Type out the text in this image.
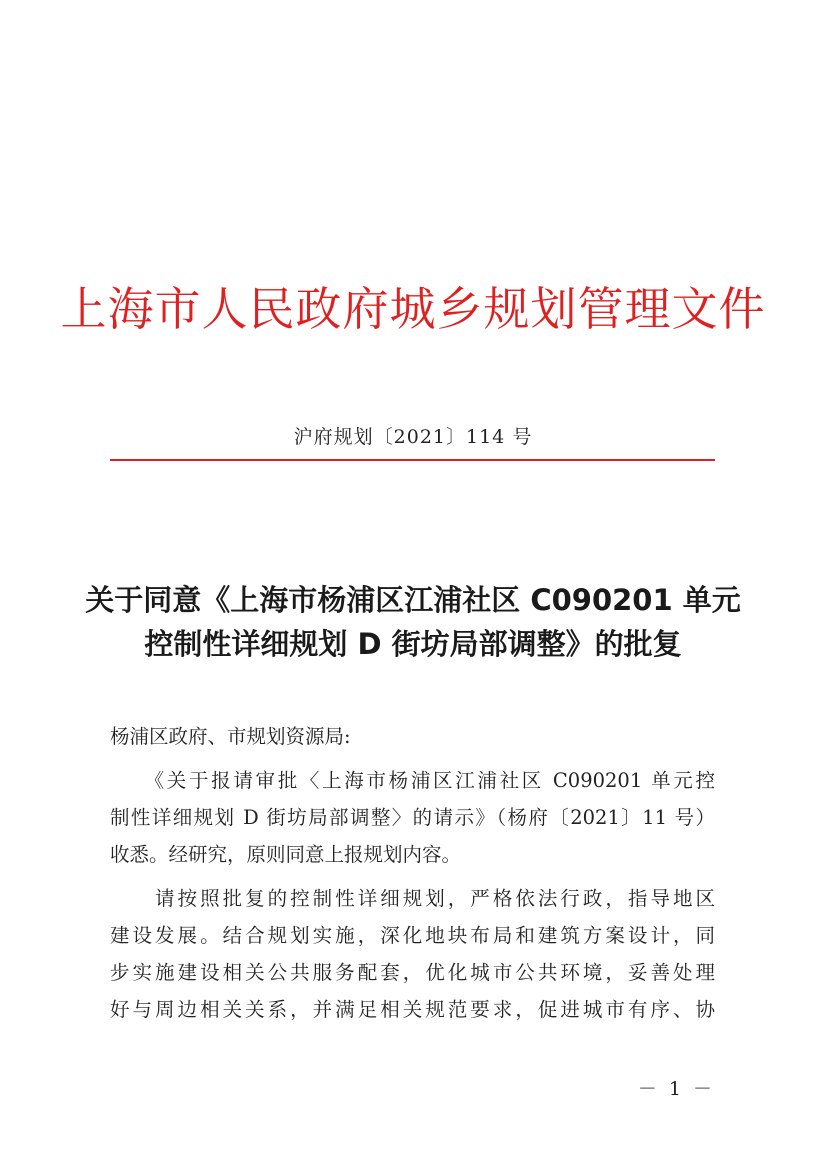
上海市人民政府城乡规划管理文件
沪府规划〔2021〕114 号
关于同意《上海市杨浦区江浦社区 C090201 单元
控制性详细规划 D 街坊局部调整》的批复
杨浦区政府、市规划资源局:
　　《关于报请审批〈上海市杨浦区江浦社区 C090201 单元控
制性详细规划 D 街坊局部调整〉的请示》（杨府〔2021〕11 号）
收悉。经研究，原则同意上报规划内容。
　　请按照批复的控制性详细规划，严格依法行政，指导地区
建设发展。结合规划实施，深化地块布局和建筑方案设计，同
步实施建设相关公共服务配套，优化城市公共环境，妥善处理
好与周边相关关系，并满足相关规范要求，促进城市有序、协
－ 1 －
